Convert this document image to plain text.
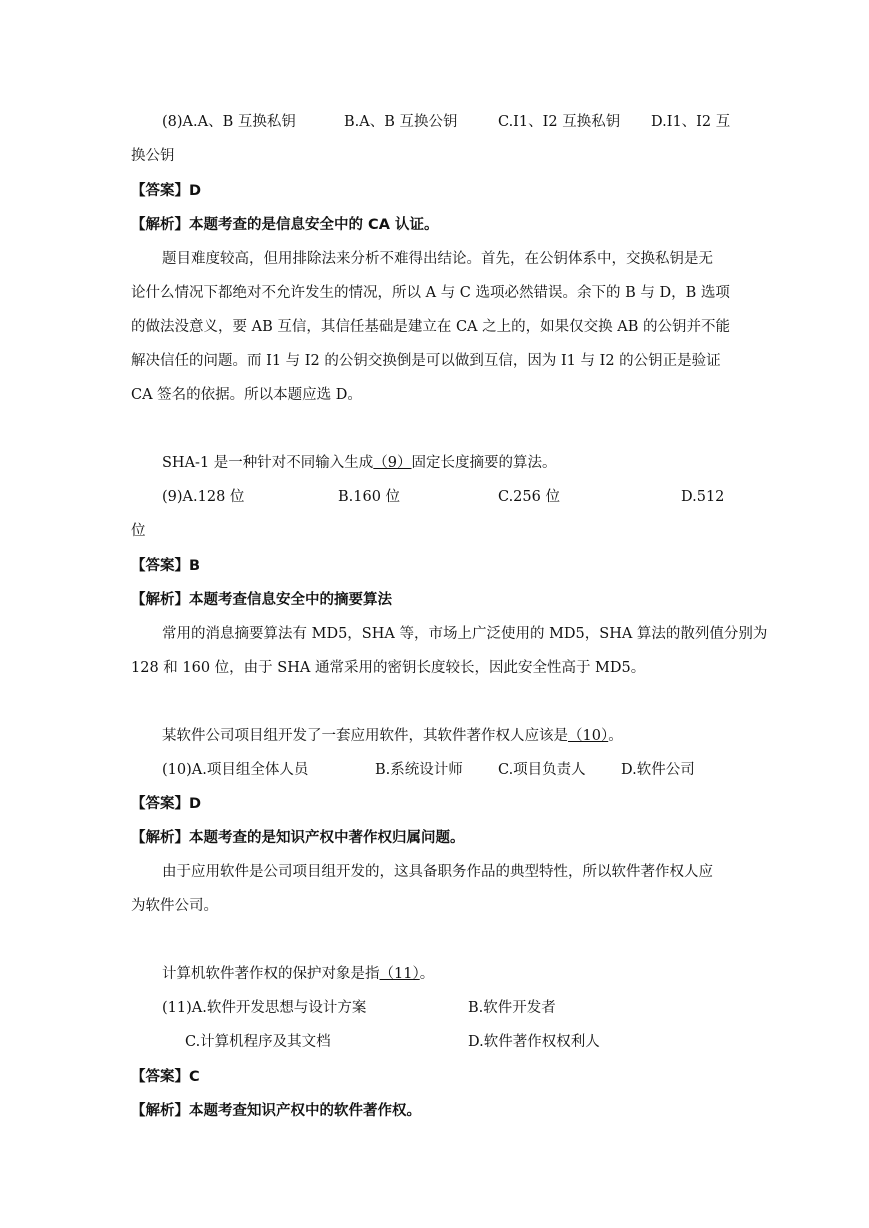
(8)A.A、B 互换私钥	B.A、B 互换公钥	C.I1、I2 互换私钥 D.I1、I2 互
换公钥
【答案】D
【解析】本题考查的是信息安全中的 CA 认证。
题目难度较高，但用排除法来分析不难得出结论。首先，在公钥体系中，交换私钥是无
论什么情况下都绝对不允许发生的情况，所以 A 与 C 选项必然错误。余下的 B 与 D，B 选项
的做法没意义，要 AB 互信，其信任基础是建立在 CA 之上的，如果仅交换 AB 的公钥并不能
解决信任的问题。而 I1 与 I2 的公钥交换倒是可以做到互信，因为 I1 与 I2 的公钥正是验证
CA 签名的依据。所以本题应选 D。
SHA-1 是一种针对不同输入生成（9）固定长度摘要的算法。
(9)A.128 位	B.160 位	C.256 位	D.512
位
【答案】B
【解析】本题考查信息安全中的摘要算法
常用的消息摘要算法有 MD5，SHA 等，市场上广泛使用的 MD5，SHA 算法的散列值分别为
128 和 160 位，由于 SHA 通常采用的密钥长度较长，因此安全性高于 MD5。
某软件公司项目组开发了一套应用软件，其软件著作权人应该是（10）。
(10)A.项目组全体人员	B.系统设计师 C.项目负责人 D.软件公司
【答案】D
【解析】本题考查的是知识产权中著作权归属问题。
由于应用软件是公司项目组开发的，这具备职务作品的典型特性，所以软件著作权人应
为软件公司。
计算机软件著作权的保护对象是指（11）。
(11)A.软件开发思想与设计方案	B.软件开发者
C.计算机程序及其文档	D.软件著作权权利人
【答案】C
【解析】本题考查知识产权中的软件著作权。
